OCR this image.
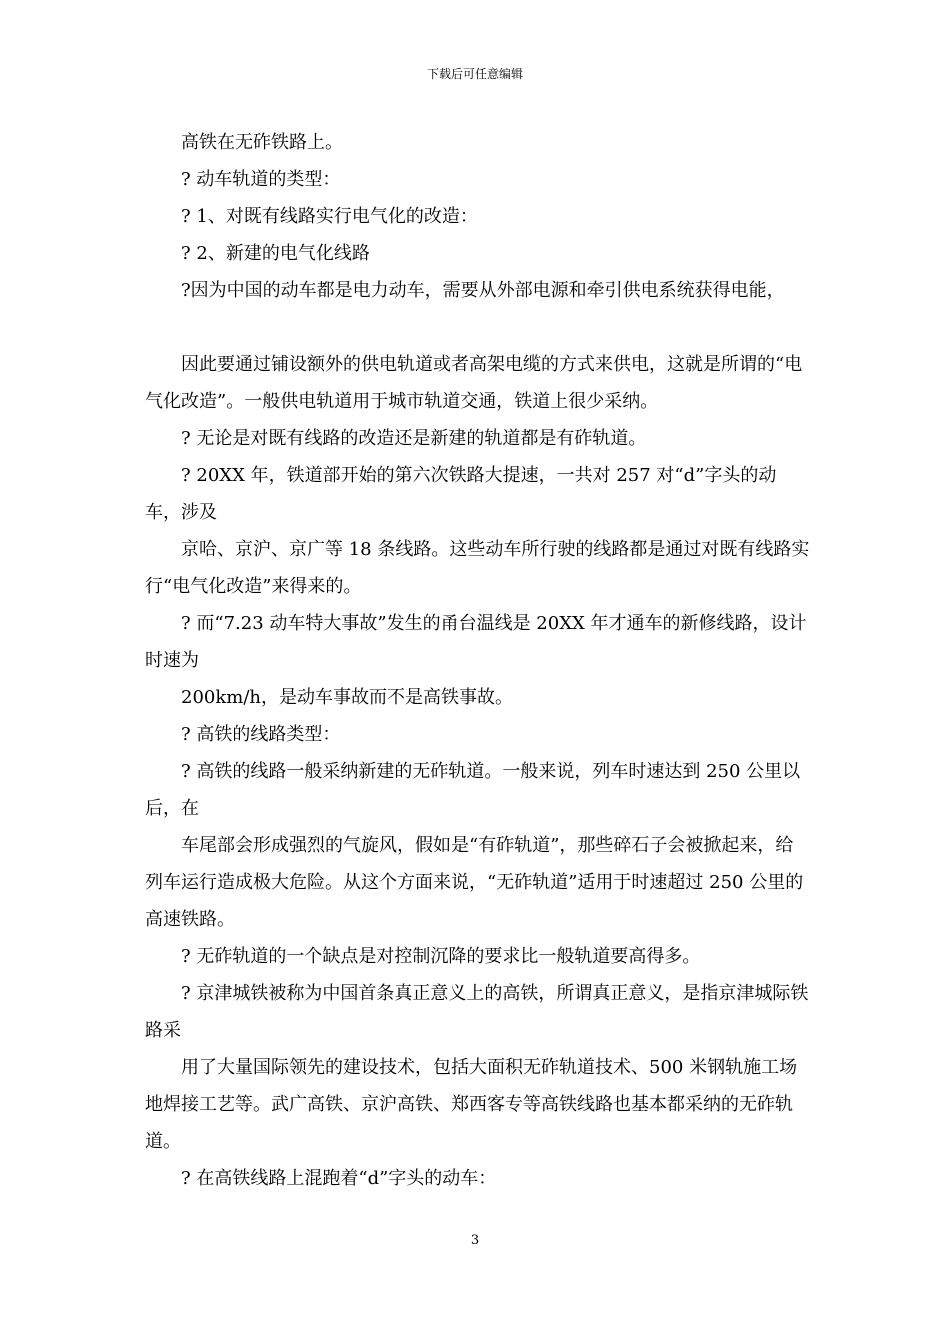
下载后可任意编辑

高铁在无砟铁路上。

? 动车轨道的类型：

? 1、对既有线路实行电气化的改造：

? 2、新建的电气化线路

?因为中国的动车都是电力动车，需要从外部电源和牵引供电系统获得电能，

因此要通过铺设额外的供电轨道或者高架电缆的方式来供电，这就是所谓的“电气化改造”。一般供电轨道用于城市轨道交通，铁道上很少采纳。

? 无论是对既有线路的改造还是新建的轨道都是有砟轨道。

? 20XX 年，铁道部开始的第六次铁路大提速，一共对 257 对“d”字头的动车，涉及

京哈、京沪、京广等 18 条线路。这些动车所行驶的线路都是通过对既有线路实行“电气化改造”来得来的。

? 而“7.23 动车特大事故”发生的甬台温线是 20XX 年才通车的新修线路，设计时速为

200km/h，是动车事故而不是高铁事故。

? 高铁的线路类型：

? 高铁的线路一般采纳新建的无砟轨道。一般来说，列车时速达到 250 公里以后，在

车尾部会形成强烈的气旋风，假如是“有砟轨道”，那些碎石子会被掀起来，给列车运行造成极大危险。从这个方面来说，“无砟轨道”适用于时速超过 250 公里的高速铁路。

? 无砟轨道的一个缺点是对控制沉降的要求比一般轨道要高得多。

? 京津城铁被称为中国首条真正意义上的高铁，所谓真正意义，是指京津城际铁路采

用了大量国际领先的建设技术，包括大面积无砟轨道技术、500 米钢轨施工场地焊接工艺等。武广高铁、京沪高铁、郑西客专等高铁线路也基本都采纳的无砟轨道。

? 在高铁线路上混跑着“d”字头的动车：

3
